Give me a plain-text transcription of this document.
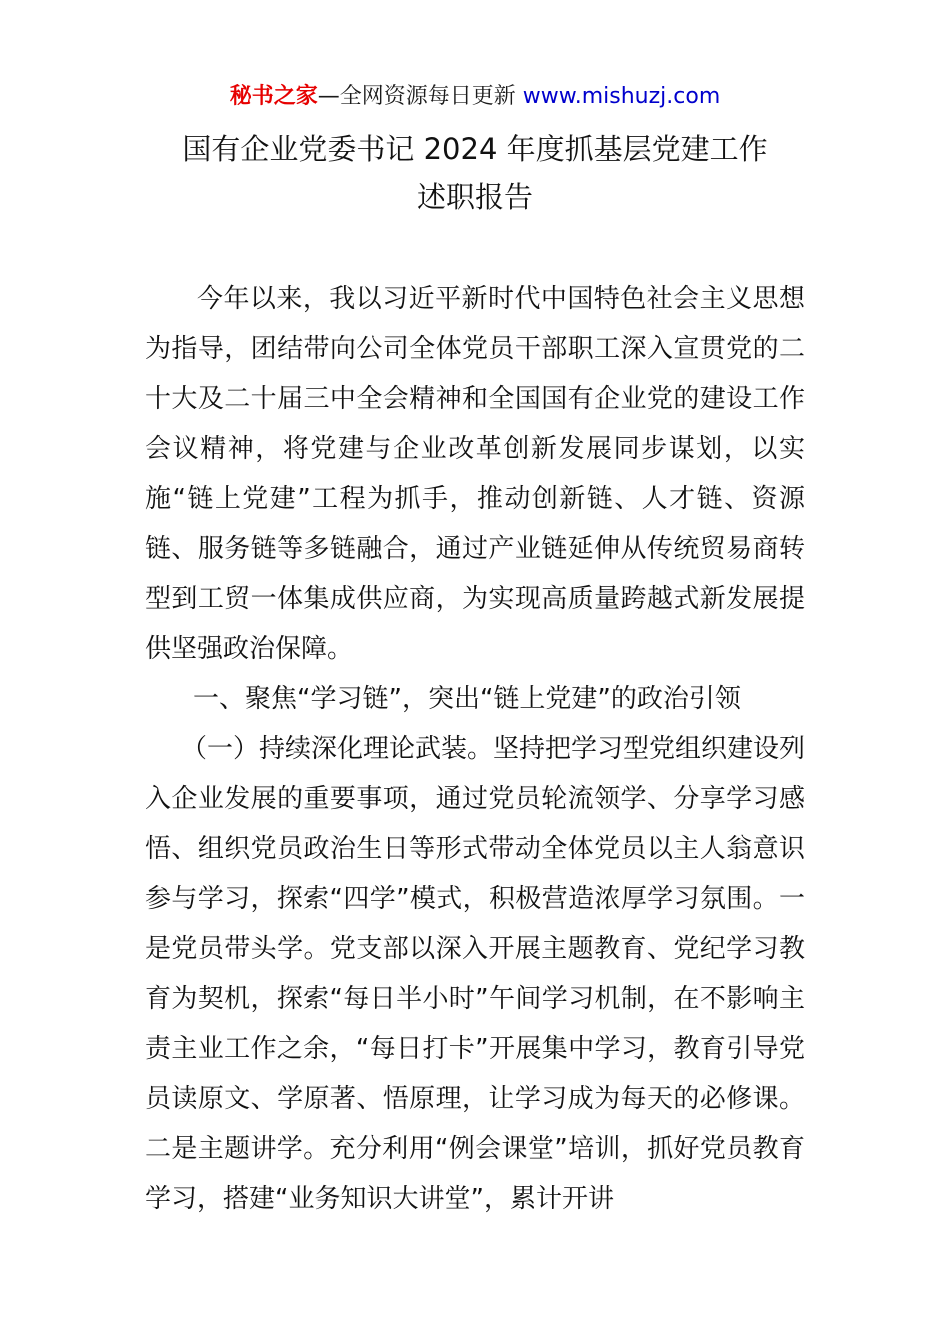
秘书之家—全网资源每日更新 www.mishuzj.com
国有企业党委书记 2024 年度抓基层党建工作
述职报告

今年以来，我以习近平新时代中国特色社会主义思想为指导，团结带向公司全体党员干部职工深入宣贯党的二十大及二十届三中全会精神和全国国有企业党的建设工作会议精神，将党建与企业改革创新发展同步谋划，以实施“链上党建”工程为抓手，推动创新链、人才链、资源链、服务链等多链融合，通过产业链延伸从传统贸易商转型到工贸一体集成供应商，为实现高质量跨越式新发展提供坚强政治保障。

一、聚焦“学习链”，突出“链上党建”的政治引领

（一）持续深化理论武装。坚持把学习型党组织建设列入企业发展的重要事项，通过党员轮流领学、分享学习感悟、组织党员政治生日等形式带动全体党员以主人翁意识参与学习，探索“四学”模式，积极营造浓厚学习氛围。一是党员带头学。党支部以深入开展主题教育、党纪学习教育为契机，探索“每日半小时”午间学习机制，在不影响主责主业工作之余，“每日打卡”开展集中学习，教育引导党员读原文、学原著、悟原理，让学习成为每天的必修课。二是主题讲学。充分利用“例会课堂”培训，抓好党员教育学习，搭建“业务知识大讲堂”，累计开讲
